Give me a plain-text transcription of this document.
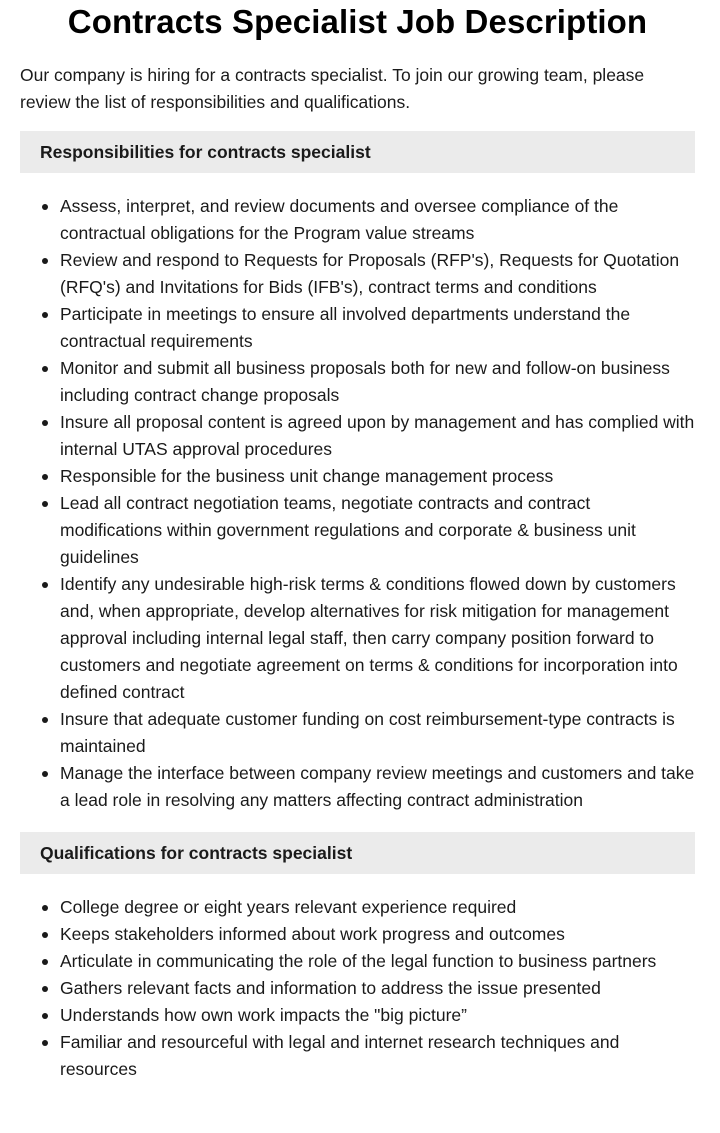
Contracts Specialist Job Description

Our company is hiring for a contracts specialist. To join our growing team, please review the list of responsibilities and qualifications.

Responsibilities for contracts specialist
Assess, interpret, and review documents and oversee compliance of the contractual obligations for the Program value streams
Review and respond to Requests for Proposals (RFP's), Requests for Quotation (RFQ's) and Invitations for Bids (IFB's), contract terms and conditions
Participate in meetings to ensure all involved departments understand the contractual requirements
Monitor and submit all business proposals both for new and follow-on business including contract change proposals
Insure all proposal content is agreed upon by management and has complied with internal UTAS approval procedures
Responsible for the business unit change management process
Lead all contract negotiation teams, negotiate contracts and contract modifications within government regulations and corporate & business unit guidelines
Identify any undesirable high-risk terms & conditions flowed down by customers and, when appropriate, develop alternatives for risk mitigation for management approval including internal legal staff, then carry company position forward to customers and negotiate agreement on terms & conditions for incorporation into defined contract
Insure that adequate customer funding on cost reimbursement-type contracts is maintained
Manage the interface between company review meetings and customers and take a lead role in resolving any matters affecting contract administration
Qualifications for contracts specialist
College degree or eight years relevant experience required
Keeps stakeholders informed about work progress and outcomes
Articulate in communicating the role of the legal function to business partners
Gathers relevant facts and information to address the issue presented
Understands how own work impacts the "big picture”
Familiar and resourceful with legal and internet research techniques and resources
